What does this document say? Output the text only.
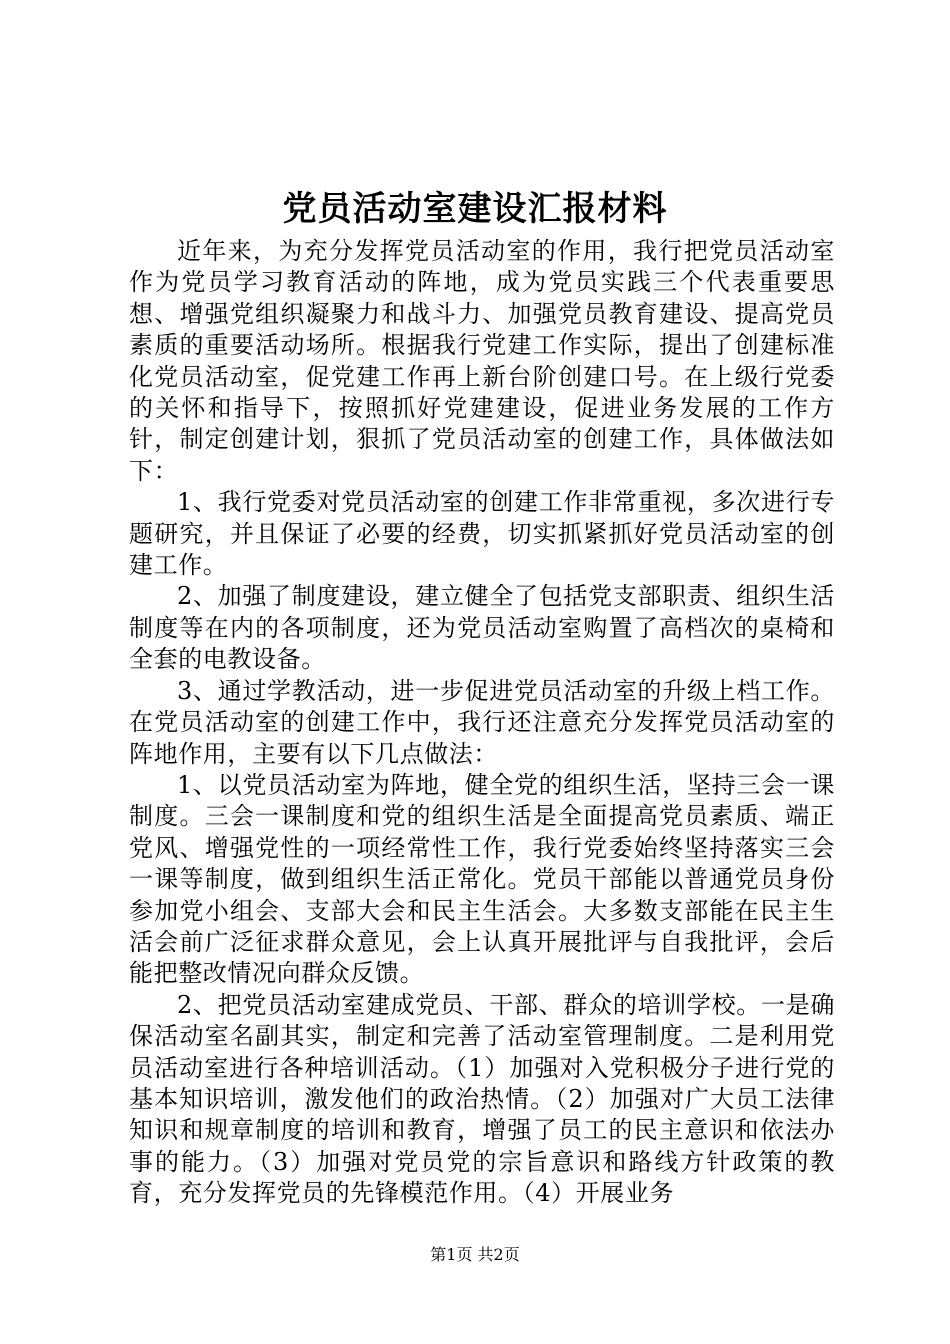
党员活动室建设汇报材料

近年来，为充分发挥党员活动室的作用，我行把党员活动室作为党员学习教育活动的阵地，成为党员实践三个代表重要思想、增强党组织凝聚力和战斗力、加强党员教育建设、提高党员素质的重要活动场所。根据我行党建工作实际，提出了创建标准化党员活动室，促党建工作再上新台阶创建口号。在上级行党委的关怀和指导下，按照抓好党建建设，促进业务发展的工作方针，制定创建计划，狠抓了党员活动室的创建工作，具体做法如下：

1、我行党委对党员活动室的创建工作非常重视，多次进行专题研究，并且保证了必要的经费，切实抓紧抓好党员活动室的创建工作。

2、加强了制度建设，建立健全了包括党支部职责、组织生活制度等在内的各项制度，还为党员活动室购置了高档次的桌椅和全套的电教设备。

3、通过学教活动，进一步促进党员活动室的升级上档工作。在党员活动室的创建工作中，我行还注意充分发挥党员活动室的阵地作用，主要有以下几点做法：

1、以党员活动室为阵地，健全党的组织生活，坚持三会一课制度。三会一课制度和党的组织生活是全面提高党员素质、端正党风、增强党性的一项经常性工作，我行党委始终坚持落实三会一课等制度，做到组织生活正常化。党员干部能以普通党员身份参加党小组会、支部大会和民主生活会。大多数支部能在民主生活会前广泛征求群众意见，会上认真开展批评与自我批评，会后能把整改情况向群众反馈。

2、把党员活动室建成党员、干部、群众的培训学校。一是确保活动室名副其实，制定和完善了活动室管理制度。二是利用党员活动室进行各种培训活动。（1）加强对入党积极分子进行党的基本知识培训，激发他们的政治热情。（2）加强对广大员工法律知识和规章制度的培训和教育，增强了员工的民主意识和依法办事的能力。（3）加强对党员党的宗旨意识和路线方针政策的教育，充分发挥党员的先锋模范作用。（4）开展业务

第1页 共2页
